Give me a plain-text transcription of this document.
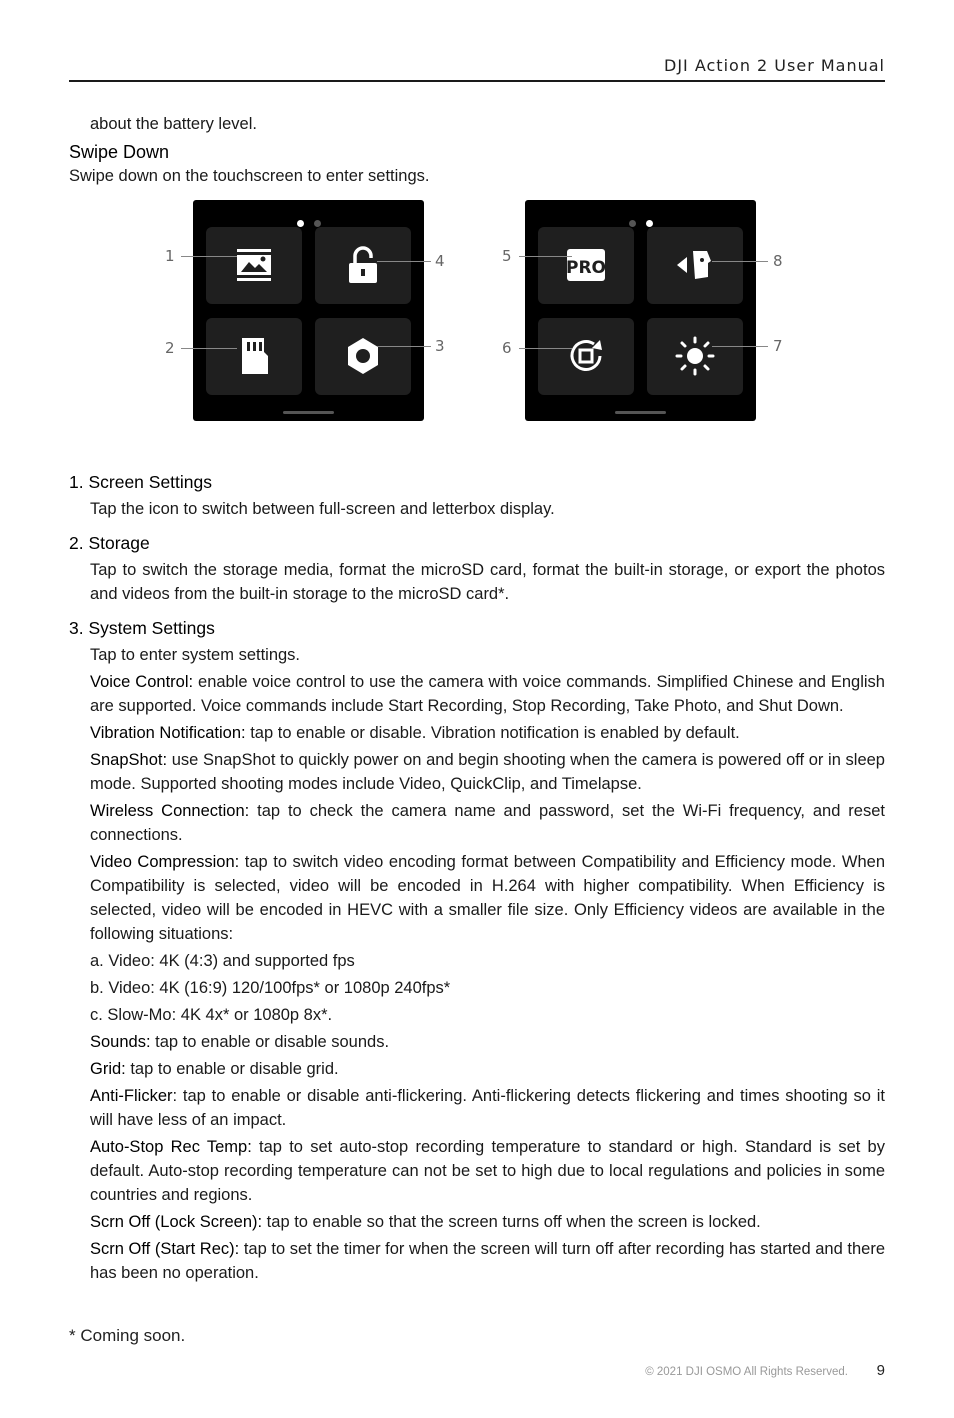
DJI Action 2 User Manual
about the battery level.
Swipe Down
Swipe down on the touchscreen to enter settings.
PRO
1
2	3
4	5
6	7
8
1. Screen Settings
Tap the icon to switch between full-screen and letterbox display.
2. Storage
Tap to switch the storage media, format the microSD card, format the built-in storage, or export the photos and videos from the built-in storage to the microSD card*.
3. System Settings
Tap to enter system settings.
Voice Control: enable voice control to use the camera with voice commands. Simplified Chinese and English are supported. Voice commands include Start Recording, Stop Recording, Take Photo, and Shut Down.
Vibration Notification: tap to enable or disable. Vibration notification is enabled by default.
SnapShot: use SnapShot to quickly power on and begin shooting when the camera is powered off or in sleep mode. Supported shooting modes include Video, QuickClip, and Timelapse.
Wireless Connection: tap to check the camera name and password, set the Wi-Fi frequency, and reset connections.
Video Compression: tap to switch video encoding format between Compatibility and Efficiency mode. When Compatibility is selected, video will be encoded in H.264 with higher compatibility. When Efficiency is selected, video will be encoded in HEVC with a smaller file size. Only Efficiency videos are available in the following situations:
a. Video: 4K (4:3) and supported fps
b. Video: 4K (16:9) 120/100fps* or 1080p 240fps*
c. Slow-Mo: 4K 4x* or 1080p 8x*.
Sounds: tap to enable or disable sounds.
Grid: tap to enable or disable grid.
Anti-Flicker: tap to enable or disable anti-flickering. Anti-flickering detects flickering and times shooting so it will have less of an impact.
Auto-Stop Rec Temp: tap to set auto-stop recording temperature to standard or high. Standard is set by default. Auto-stop recording temperature can not be set to high due to local regulations and policies in some countries and regions.
Scrn Off (Lock Screen): tap to enable so that the screen turns off when the screen is locked.
Scrn Off (Start Rec): tap to set the timer for when the screen will turn off after recording has started and there has been no operation.
* Coming soon.
© 2021 DJI OSMO All Rights Reserved. 9
